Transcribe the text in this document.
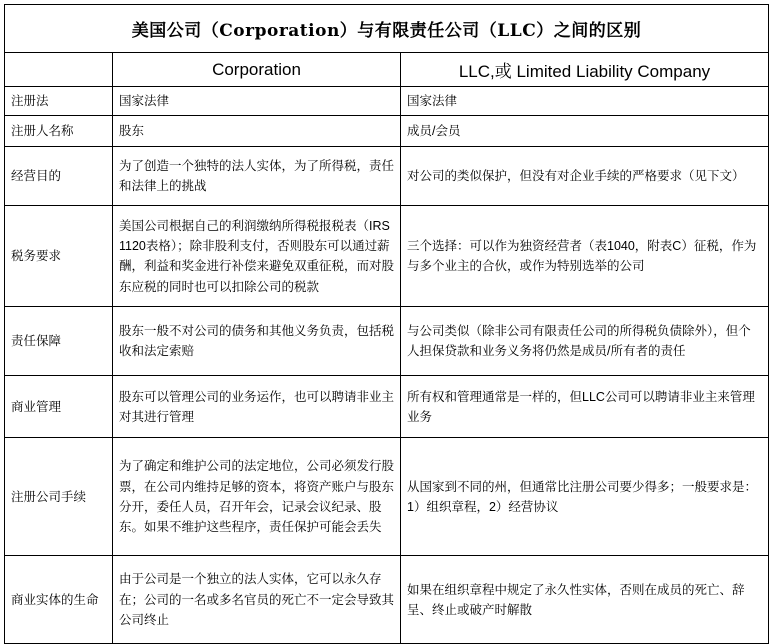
美国公司（Corporation）与有限责任公司（LLC）之间的区别		
	Corporation	LLC,或 Limited Liability Company
注册法	国家法律	国家法律
注册人名称	股东	成员/会员
经营目的	为了创造一个独特的法人实体，为了所得税，责任和法律上的挑战	对公司的类似保护，但没有对企业手续的严格要求（见下文）
税务要求	美国公司根据自己的利润缴纳所得税报税表（IRS 1120表格）；除非股利支付，否则股东可以通过薪酬，利益和奖金进行补偿来避免双重征税，而对股东应税的同时也可以扣除公司的税款	三个选择：可以作为独资经营者（表1040，附表C）征税，作为与多个业主的合伙，或作为特别选举的公司
责任保障	股东一般不对公司的债务和其他义务负责，包括税收和法定索赔	与公司类似（除非公司有限责任公司的所得税负债除外），但个人担保贷款和业务义务将仍然是成员/所有者的责任
商业管理	股东可以管理公司的业务运作，也可以聘请非业主对其进行管理	所有权和管理通常是一样的，但LLC公司可以聘请非业主来管理业务
注册公司手续	为了确定和维护公司的法定地位，公司必须发行股票，在公司内维持足够的资本，将资产账户与股东分开，委任人员，召开年会，记录会议纪录、股东。如果不维护这些程序，责任保护可能会丢失	从国家到不同的州，但通常比注册公司要少得多；一般要求是：1）组织章程，2）经营协议
商业实体的生命	由于公司是一个独立的法人实体，它可以永久存在；公司的一名或多名官员的死亡不一定会导致其公司终止	如果在组织章程中规定了永久性实体，否则在成员的死亡、辞呈、终止或破产时解散
